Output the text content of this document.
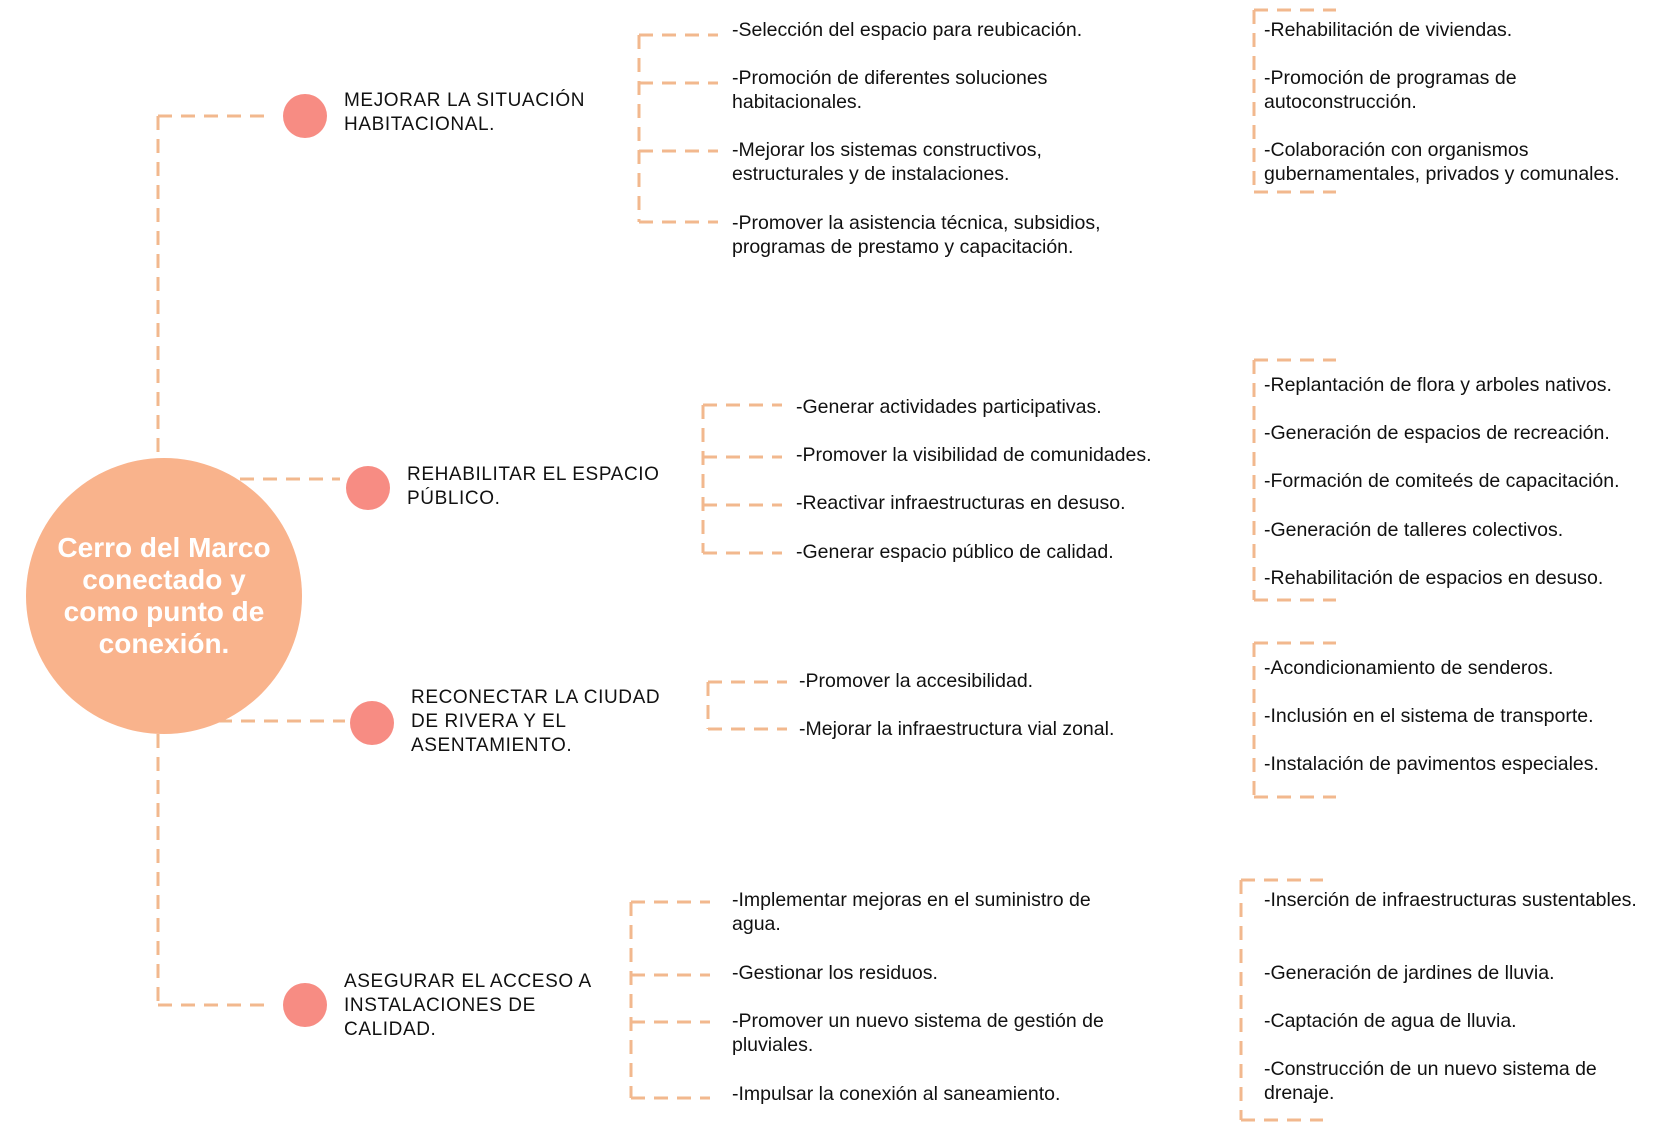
Cerro del Marco conectado y como punto de conexión.
MEJORAR LA SITUACIÓN HABITACIONAL.
-Selección del espacio para reubicación.
-Promoción de diferentes soluciones habitacionales.
-Mejorar los sistemas constructivos, estructurales y de instalaciones.
-Promover la asistencia técnica, subsidios, programas de prestamo y capacitación.
-Rehabilitación de viviendas.
-Promoción de programas de autoconstrucción.
-Colaboración con organismos gubernamentales, privados y comunales.
REHABILITAR EL ESPACIO PÚBLICO.
-Generar actividades participativas.
-Promover la visibilidad de comunidades.
-Reactivar infraestructuras en desuso.
-Generar espacio público de calidad.
-Replantación de flora y arboles nativos.
-Generación de espacios de recreación.
-Formación de comiteés de capacitación.
-Generación de talleres colectivos.
-Rehabilitación de espacios en desuso.
RECONECTAR LA CIUDAD DE RIVERA Y EL ASENTAMIENTO.
-Promover la accesibilidad.
-Mejorar la infraestructura vial zonal.
-Acondicionamiento de senderos.
-Inclusión en el sistema de transporte.
-Instalación de pavimentos especiales.
ASEGURAR EL ACCESO A INSTALACIONES DE CALIDAD.
-Implementar mejoras en el suministro de agua.
-Gestionar los residuos.
-Promover un nuevo sistema de gestión de pluviales.
-Impulsar la conexión al saneamiento.
-Inserción de infraestructuras sustentables.
-Generación de jardines de lluvia.
-Captación de agua de lluvia.
-Construcción de un nuevo sistema de drenaje.
